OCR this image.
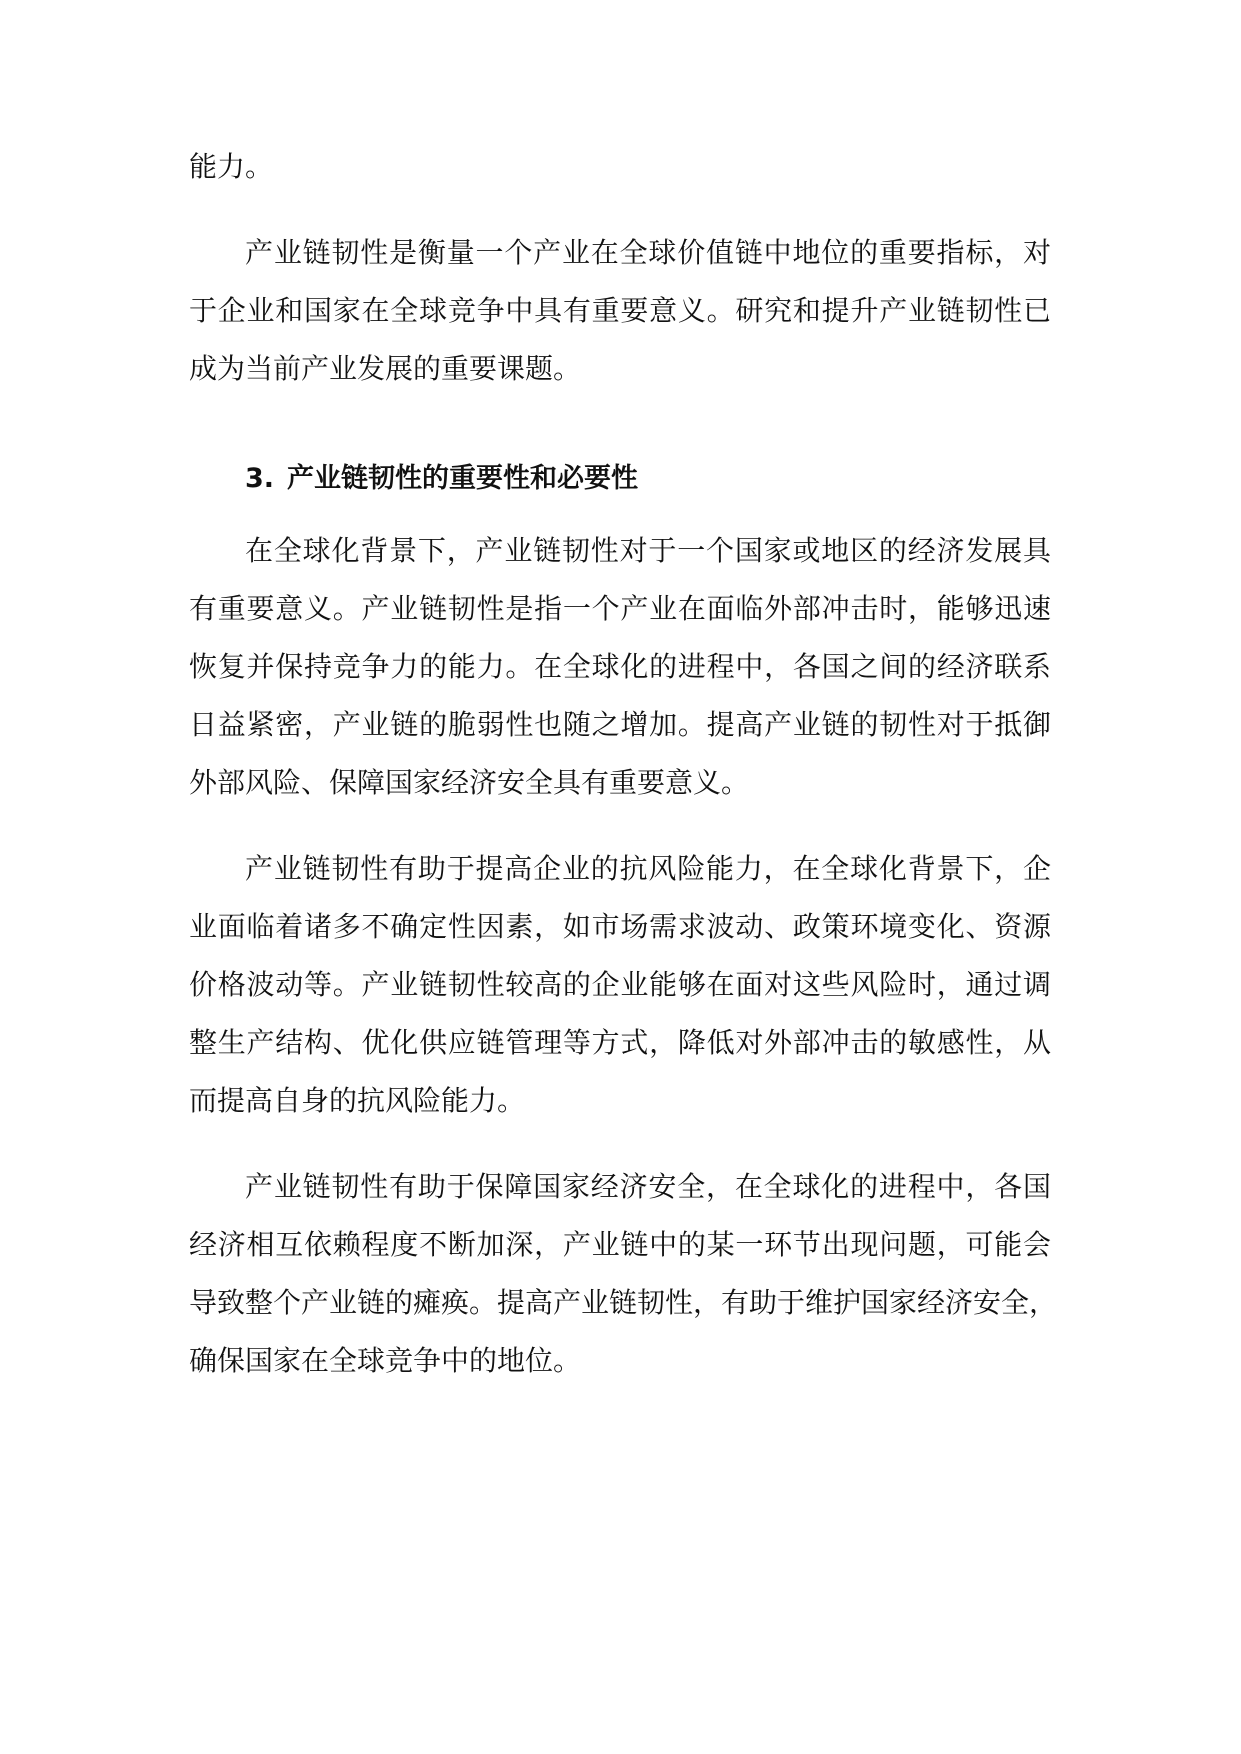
能力。
产业链韧性是衡量一个产业在全球价值链中地位的重要指标，对
于企业和国家在全球竞争中具有重要意义。研究和提升产业链韧性已
成为当前产业发展的重要课题。
3. 产业链韧性的重要性和必要性
在全球化背景下，产业链韧性对于一个国家或地区的经济发展具
有重要意义。产业链韧性是指一个产业在面临外部冲击时，能够迅速
恢复并保持竞争力的能力。在全球化的进程中，各国之间的经济联系
日益紧密，产业链的脆弱性也随之增加。提高产业链的韧性对于抵御
外部风险、保障国家经济安全具有重要意义。
产业链韧性有助于提高企业的抗风险能力，在全球化背景下，企
业面临着诸多不确定性因素，如市场需求波动、政策环境变化、资源
价格波动等。产业链韧性较高的企业能够在面对这些风险时，通过调
整生产结构、优化供应链管理等方式，降低对外部冲击的敏感性，从
而提高自身的抗风险能力。
产业链韧性有助于保障国家经济安全，在全球化的进程中，各国
经济相互依赖程度不断加深，产业链中的某一环节出现问题，可能会
导致整个产业链的瘫痪。提高产业链韧性，有助于维护国家经济安全，
确保国家在全球竞争中的地位。
